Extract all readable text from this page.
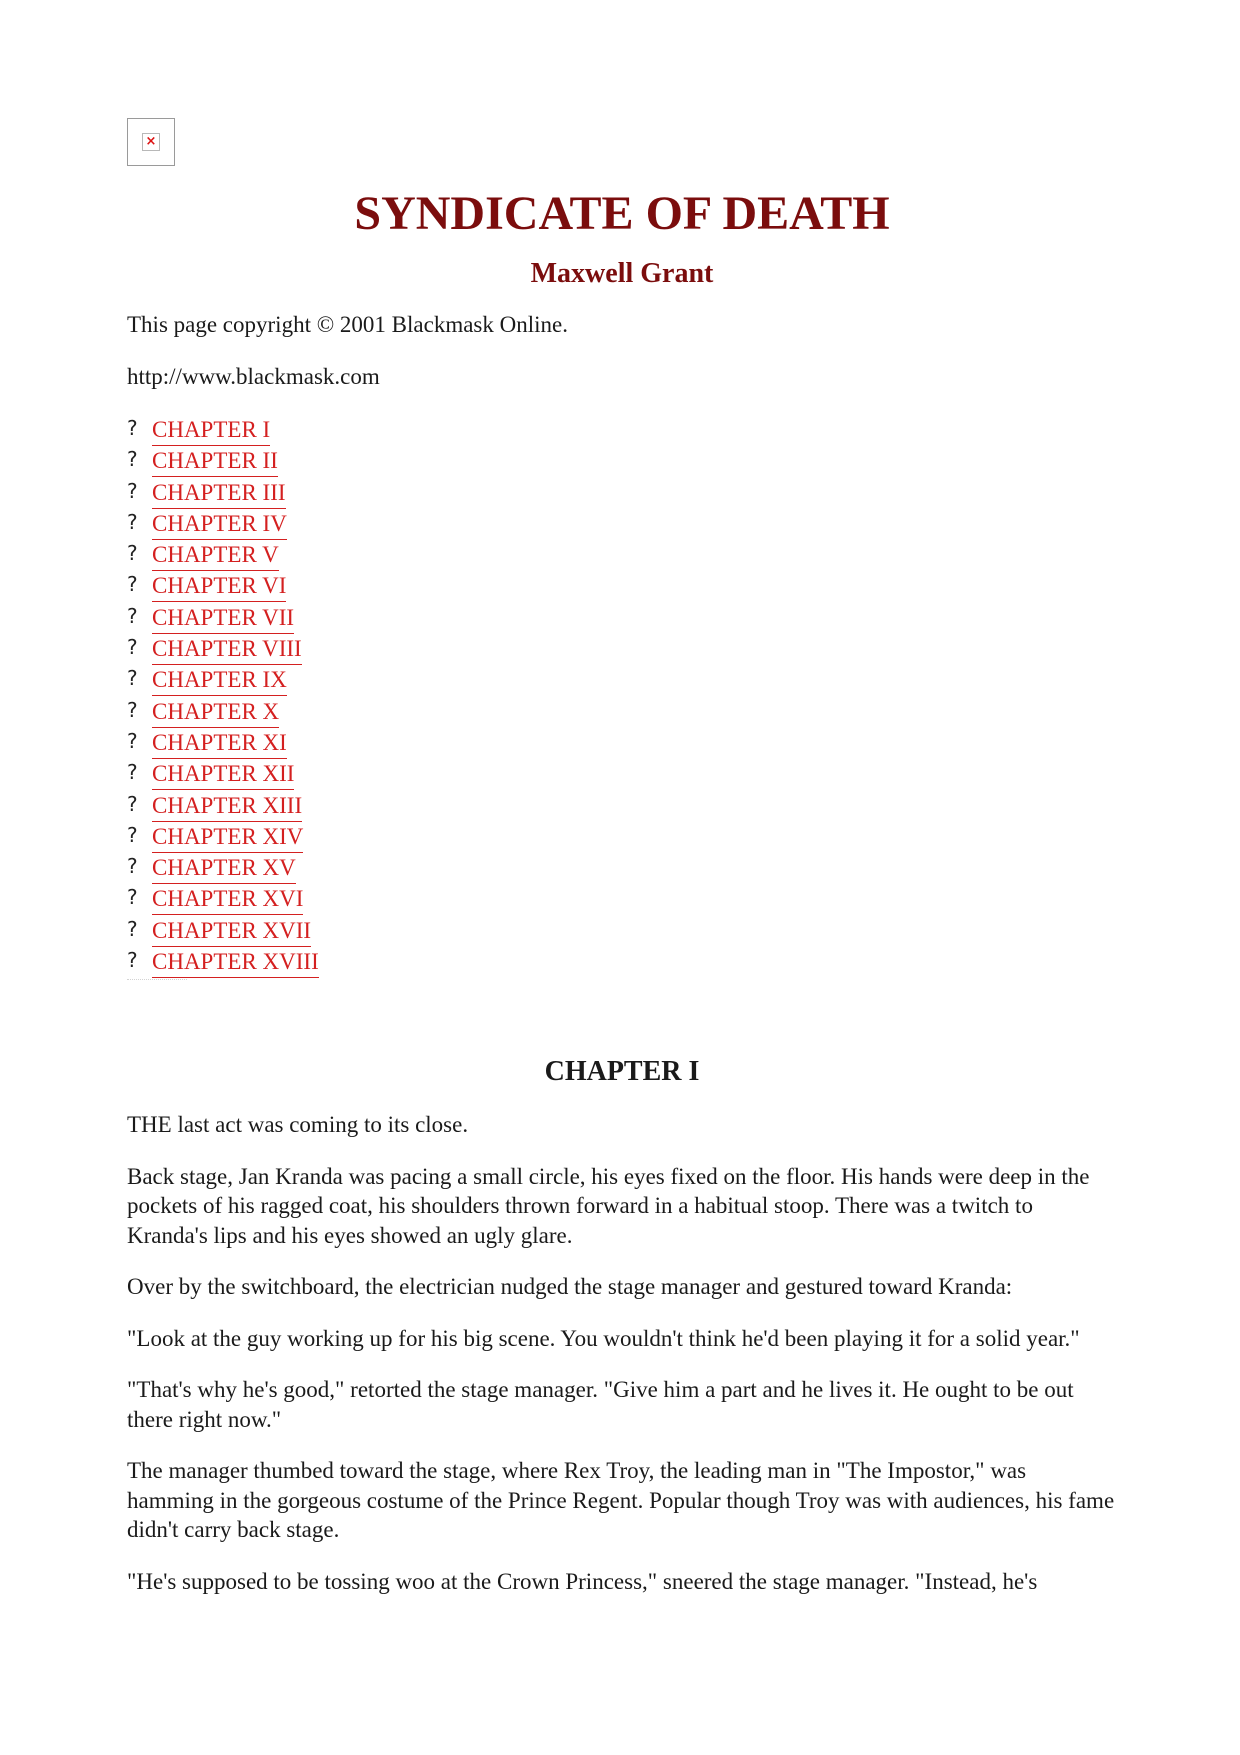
×
SYNDICATE OF DEATH
Maxwell Grant

This page copyright © 2001 Blackmask Online.

http://www.blackmask.com

? CHAPTER I
? CHAPTER II
? CHAPTER III
? CHAPTER IV
? CHAPTER V
? CHAPTER VI
? CHAPTER VII
? CHAPTER VIII
? CHAPTER IX
? CHAPTER X
? CHAPTER XI
? CHAPTER XII
? CHAPTER XIII
? CHAPTER XIV
? CHAPTER XV
? CHAPTER XVI
? CHAPTER XVII
? CHAPTER XVIII
CHAPTER I

THE last act was coming to its close.

Back stage, Jan Kranda was pacing a small circle, his eyes fixed on the floor. His hands were deep in the pockets of his ragged coat, his shoulders thrown forward in a habitual stoop. There was a twitch to Kranda's lips and his eyes showed an ugly glare.

Over by the switchboard, the electrician nudged the stage manager and gestured toward Kranda:

"Look at the guy working up for his big scene. You wouldn't think he'd been playing it for a solid year."

"That's why he's good," retorted the stage manager. "Give him a part and he lives it. He ought to be out there right now."

The manager thumbed toward the stage, where Rex Troy, the leading man in "The Impostor," was hamming in the gorgeous costume of the Prince Regent. Popular though Troy was with audiences, his fame didn't carry back stage.

"He's supposed to be tossing woo at the Crown Princess," sneered the stage manager. "Instead, he's
